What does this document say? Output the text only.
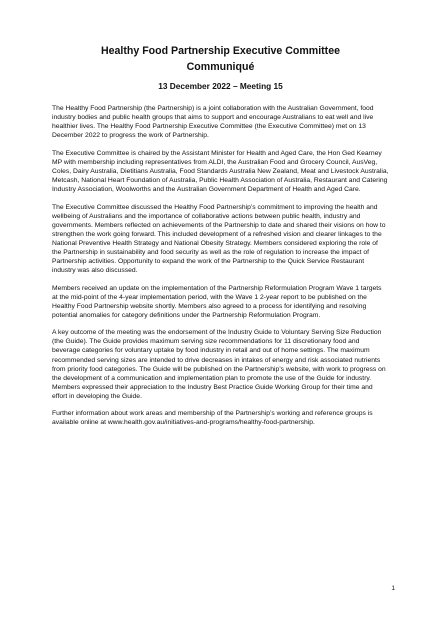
Healthy Food Partnership Executive Committee

Communiqué

13 December 2022 – Meeting 15

The Healthy Food Partnership (the Partnership) is a joint collaboration with the Australian Government, food industry bodies and public health groups that aims to support and encourage Australians to eat well and live healthier lives. The Healthy Food Partnership Executive Committee (the Executive Committee) met on 13 December 2022 to progress the work of Partnership.

The Executive Committee is chaired by the Assistant Minister for Health and Aged Care, the Hon Ged Kearney MP with membership including representatives from ALDI, the Australian Food and Grocery Council, AusVeg, Coles, Dairy Australia, Dietitians Australia, Food Standards Australia New Zealand, Meat and Livestock Australia, Metcash, National Heart Foundation of Australia, Public Health Association of Australia, Restaurant and Catering Industry Association, Woolworths and the Australian Government Department of Health and Aged Care.

The Executive Committee discussed the Healthy Food Partnership’s commitment to improving the health and wellbeing of Australians and the importance of collaborative actions between public health, industry and governments. Members reflected on achievements of the Partnership to date and shared their visions on how to strengthen the work going forward. This included development of a refreshed vision and clearer linkages to the National Preventive Health Strategy and National Obesity Strategy. Members considered exploring the role of the Partnership in sustainability and food security as well as the role of regulation to increase the impact of Partnership activities. Opportunity to expand the work of the Partnership to the Quick Service Restaurant industry was also discussed.

Members received an update on the implementation of the Partnership Reformulation Program Wave 1 targets at the mid-point of the 4-year implementation period, with the Wave 1 2-year report to be published on the Healthy Food Partnership website shortly. Members also agreed to a process for identifying and resolving potential anomalies for category definitions under the Partnership Reformulation Program.

A key outcome of the meeting was the endorsement of the Industry Guide to Voluntary Serving Size Reduction (the Guide). The Guide provides maximum serving size recommendations for 11 discretionary food and beverage categories for voluntary uptake by food industry in retail and out of home settings. The maximum recommended serving sizes are intended to drive decreases in intakes of energy and risk associated nutrients from priority food categories. The Guide will be published on the Partnership’s website, with work to progress on the development of a communication and implementation plan to promote the use of the Guide for industry. Members expressed their appreciation to the Industry Best Practice Guide Working Group for their time and effort in developing the Guide.

Further information about work areas and membership of the Partnership’s working and reference groups is available online at www.health.gov.au/initiatives-and-programs/healthy-food-partnership.

1
